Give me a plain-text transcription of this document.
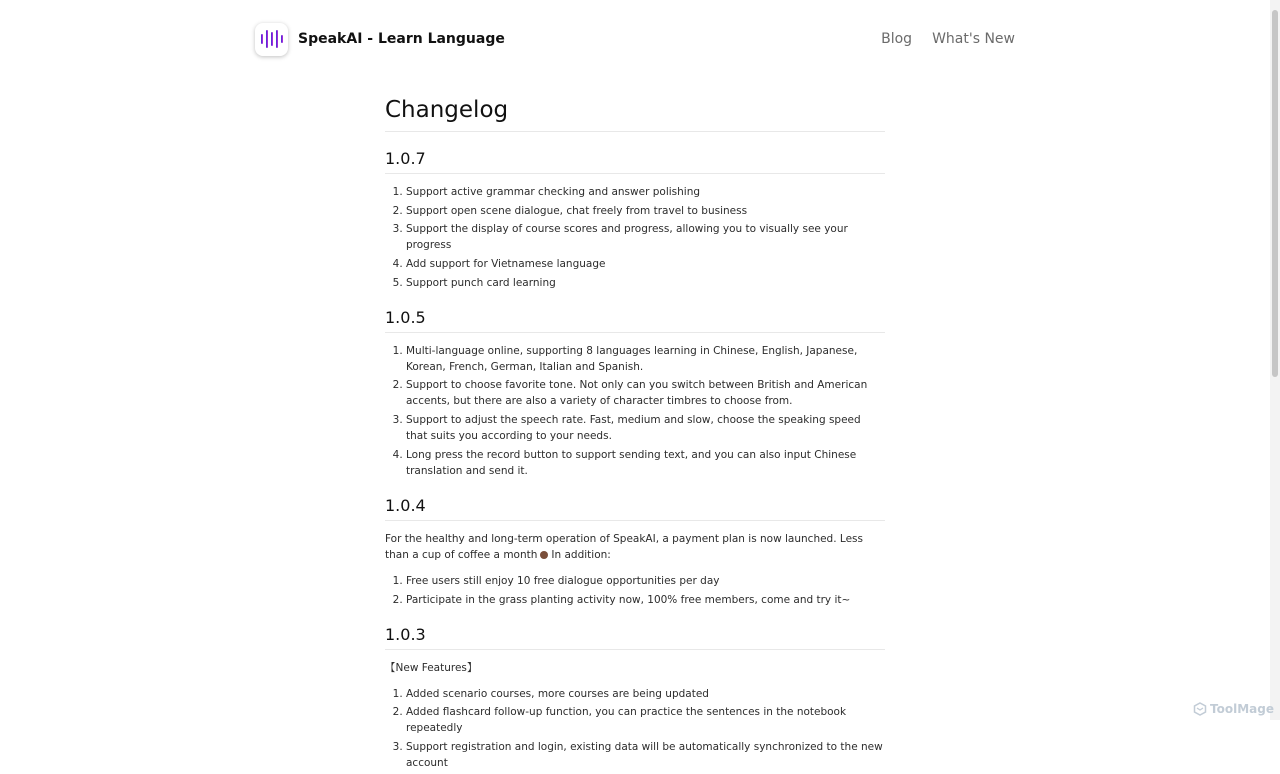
SpeakAI - Learn Language	Blog What's New
Changelog
1.0.7
1. Support active grammar checking and answer polishing
2. Support open scene dialogue, chat freely from travel to business
3. Support the display of course scores and progress, allowing you to visually see your progress
4. Add support for Vietnamese language
5. Support punch card learning
1.0.5
1. Multi-language online, supporting 8 languages learning in Chinese, English, Japanese, Korean, French, German, Italian and Spanish.
2. Support to choose favorite tone. Not only can you switch between British and American accents, but there are also a variety of character timbres to choose from.
3. Support to adjust the speech rate. Fast, medium and slow, choose the speaking speed that suits you according to your needs.
4. Long press the record button to support sending text, and you can also input Chinese translation and send it.
1.0.4

For the healthy and long-term operation of SpeakAI, a payment plan is now launched. Less than a cup of coffee a month In addition:

1. Free users still enjoy 10 free dialogue opportunities per day
2. Participate in the grass planting activity now, 100% free members, come and try it~
1.0.3

【New Features】

1. Added scenario courses, more courses are being updated
2. Added flashcard follow-up function, you can practice the sentences in the notebook repeatedly
3. Support registration and login, existing data will be automatically synchronized to the new account
ToolMage
